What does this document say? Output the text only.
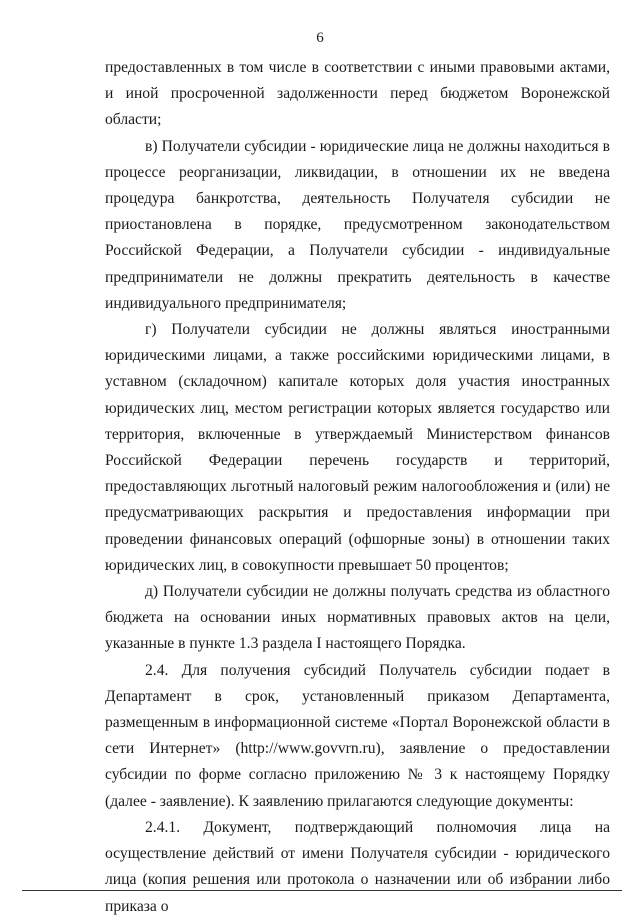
6

предоставленных в том числе в соответствии с иными правовыми актами, и иной просроченной задолженности перед бюджетом Воронежской области;

в) Получатели субсидии - юридические лица не должны находиться в процессе реорганизации, ликвидации, в отношении их не введена процедура банкротства, деятельность Получателя субсидии не приостановлена в порядке, предусмотренном законодательством Российской Федерации, а Получатели субсидии - индивидуальные предприниматели не должны прекратить деятельность в качестве индивидуального предпринимателя;

г) Получатели субсидии не должны являться иностранными юридическими лицами, а также российскими юридическими лицами, в уставном (складочном) капитале которых доля участия иностранных юридических лиц, местом регистрации которых является государство или территория, включенные в утверждаемый Министерством финансов Российской Федерации перечень государств и территорий, предоставляющих льготный налоговый режим налогообложения и (или) не предусматривающих раскрытия и предоставления информации при проведении финансовых операций (офшорные зоны) в отношении таких юридических лиц, в совокупности превышает 50 процентов;

д) Получатели субсидии не должны получать средства из областного бюджета на основании иных нормативных правовых актов на цели, указанные в пункте 1.3 раздела I настоящего Порядка.

2.4. Для получения субсидий Получатель субсидии подает в Департамент в срок, установленный приказом Департамента, размещенным в информационной системе «Портал Воронежской области в сети Интернет» (http://www.govvrn.ru), заявление о предоставлении субсидии по форме согласно приложению № 3 к настоящему Порядку (далее - заявление). К заявлению прилагаются следующие документы:

2.4.1. Документ, подтверждающий полномочия лица на осуществление действий от имени Получателя субсидии - юридического лица (копия решения или протокола о назначении или об избрании либо приказа о
